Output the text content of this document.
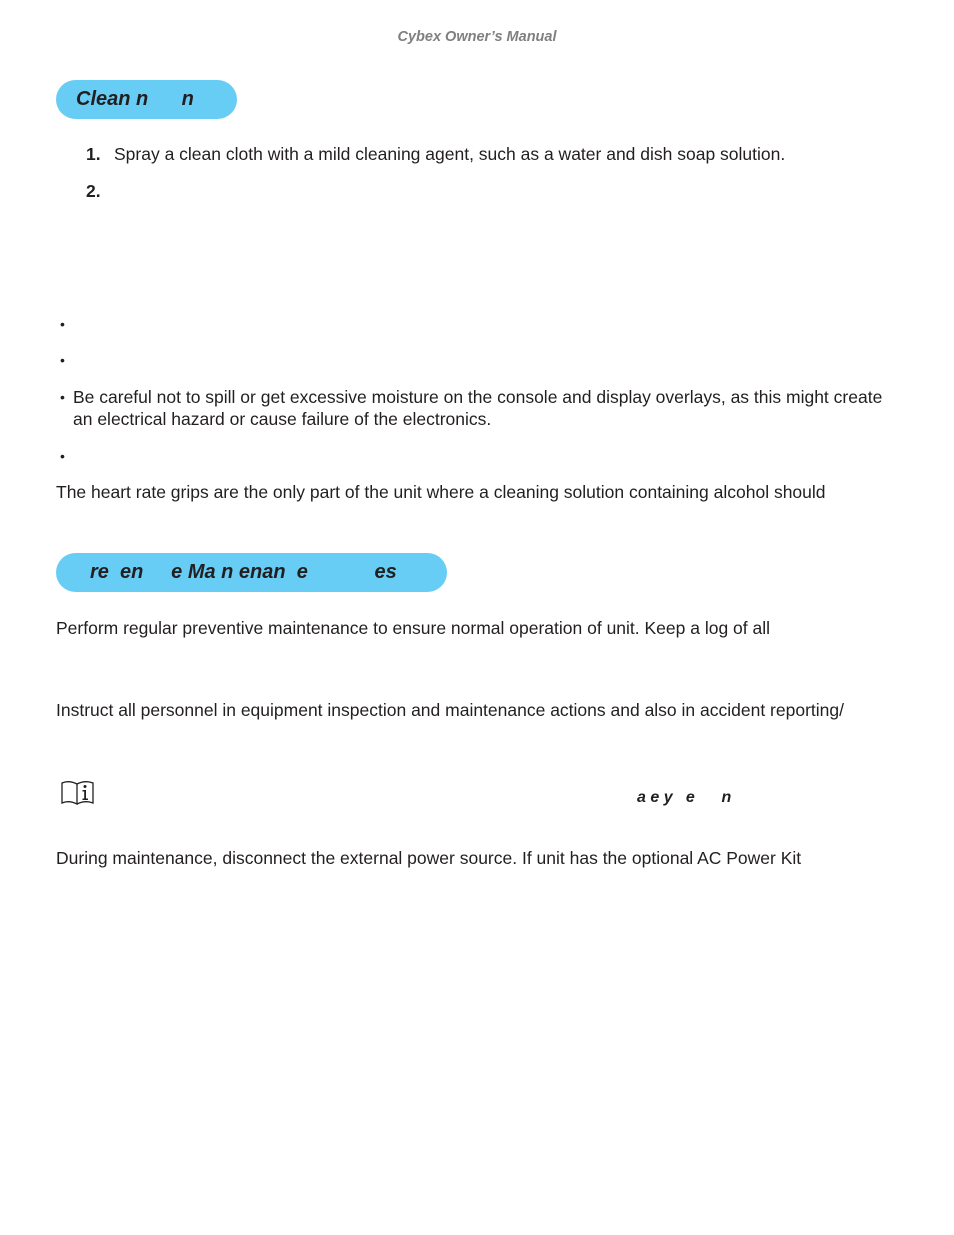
Cybex Owner’s Manual
Clean n      n
1. Spray a clean cloth with a mild cleaning agent, such as a water and dish soap solution.
2.
•
•
• Be careful not to spill or get excessive moisture on the console and display overlays, as this might create an electrical hazard or cause failure of the electronics.
•
The heart rate grips are the only part of the unit where a cleaning solution containing alcohol should
re  en     e Ma n enan  e            es
Perform regular preventive maintenance to ensure normal operation of unit. Keep a log of all
Instruct all personnel in equipment inspection and maintenance actions and also in accident reporting/
a e y   e      n
During maintenance, disconnect the external power source. If unit has the optional AC Power Kit
